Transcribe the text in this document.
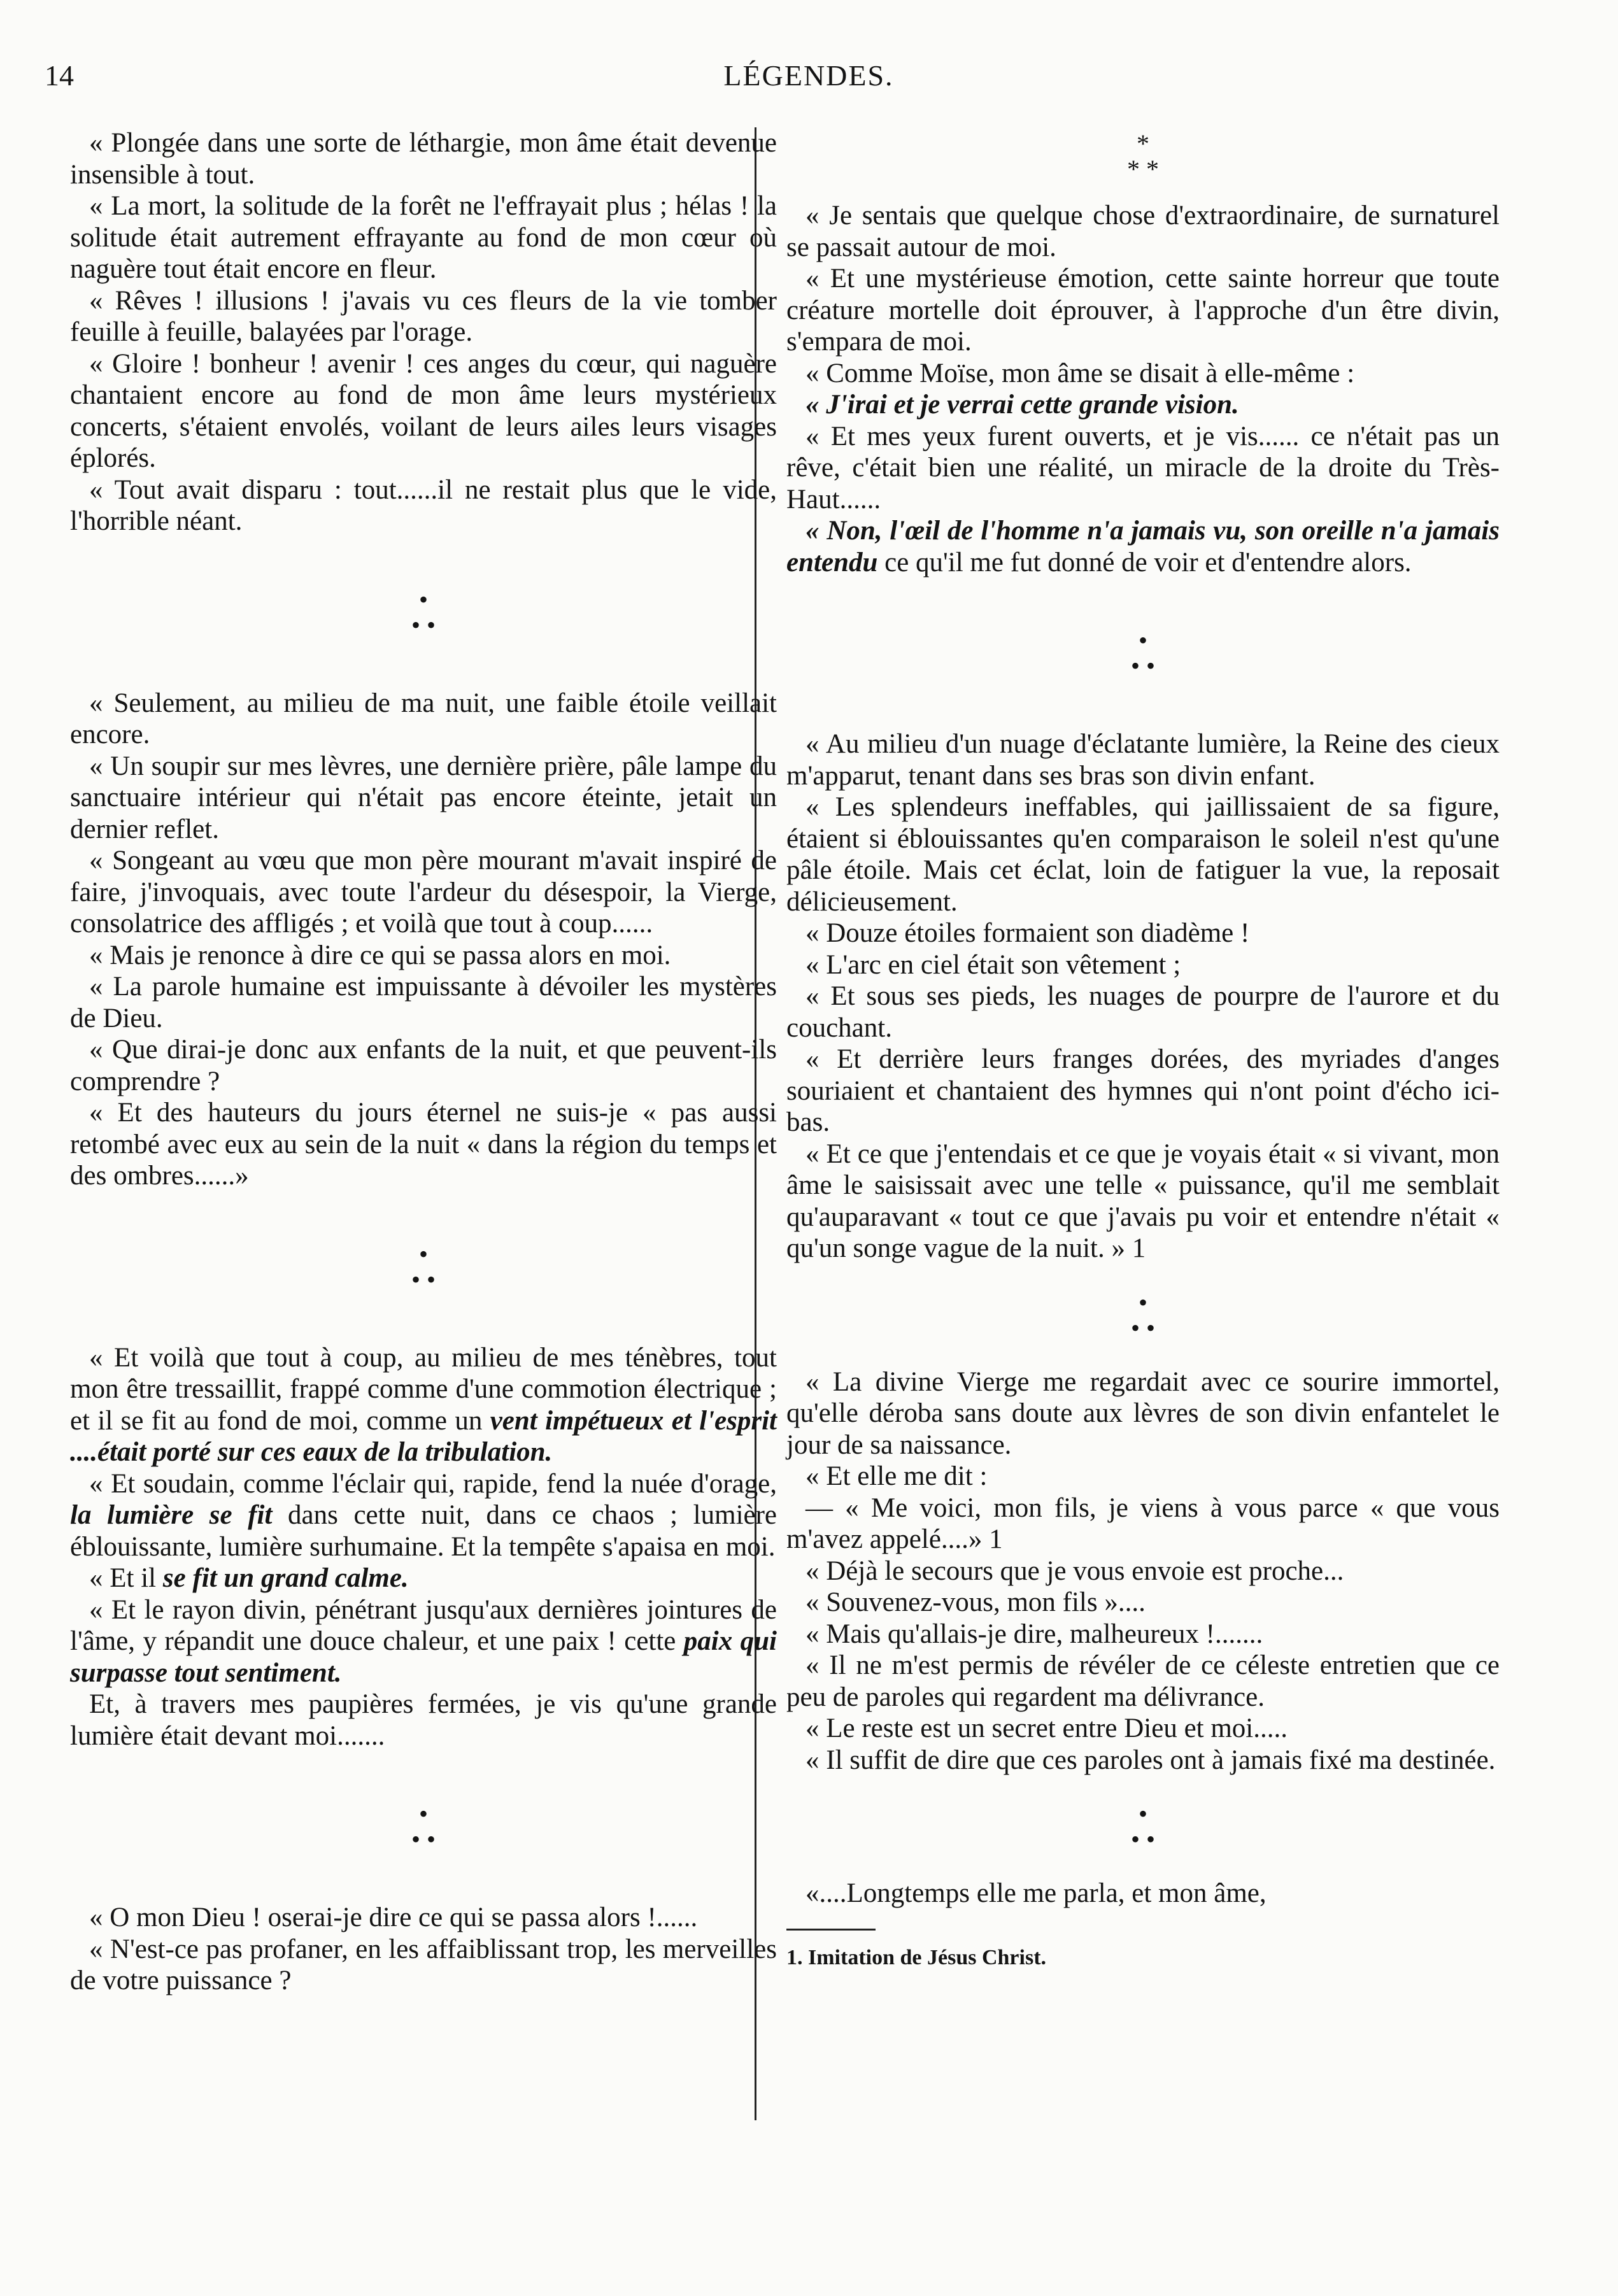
14	LÉGENDES.

« Plongée dans une sorte de léthargie, mon âme était devenue insensible à tout.

« La mort, la solitude de la forêt ne l'effrayait plus ; hélas ! la solitude était autrement effrayante au fond de mon cœur où naguère tout était encore en fleur.

« Rêves ! illusions ! j'avais vu ces fleurs de la vie tomber feuille à feuille, balayées par l'orage.

« Gloire ! bonheur ! avenir ! ces anges du cœur, qui naguère chantaient encore au fond de mon âme leurs mystérieux concerts, s'étaient envolés, voilant de leurs ailes leurs visages éplorés.

« Tout avait disparu : tout......il ne restait plus que le vide, l'horrible néant.

•
• •

« Seulement, au milieu de ma nuit, une faible étoile veillait encore.

« Un soupir sur mes lèvres, une dernière prière, pâle lampe du sanctuaire intérieur qui n'était pas encore éteinte, jetait un dernier reflet.

« Songeant au vœu que mon père mourant m'avait inspiré de faire, j'invoquais, avec toute l'ardeur du désespoir, la Vierge, consolatrice des affligés ; et voilà que tout à coup......

« Mais je renonce à dire ce qui se passa alors en moi.

« La parole humaine est impuissante à dévoiler les mystères de Dieu.

« Que dirai-je donc aux enfants de la nuit, et que peuvent-ils comprendre ?

« Et des hauteurs du jours éternel ne suis-je « pas aussi retombé avec eux au sein de la nuit « dans la région du temps et des ombres......»

•
• •

« Et voilà que tout à coup, au milieu de mes ténèbres, tout mon être tressaillit, frappé comme d'une commotion électrique ; et il se fit au fond de moi, comme un vent impétueux et l'esprit ....était porté sur ces eaux de la tribulation.

« Et soudain, comme l'éclair qui, rapide, fend la nuée d'orage, la lumière se fit dans cette nuit, dans ce chaos ; lumière éblouissante, lumière surhumaine. Et la tempête s'apaisa en moi.

« Et il se fit un grand calme.

« Et le rayon divin, pénétrant jusqu'aux dernières jointures de l'âme, y répandit une douce chaleur, et une paix ! cette paix qui surpasse tout sentiment.

Et, à travers mes paupières fermées, je vis qu'une grande lumière était devant moi.......

•
• •

« O mon Dieu ! oserai-je dire ce qui se passa alors !......

« N'est-ce pas profaner, en les affaiblissant trop, les merveilles de votre puissance ?

*
* *

« Je sentais que quelque chose d'extraordinaire, de surnaturel se passait autour de moi.

« Et une mystérieuse émotion, cette sainte horreur que toute créature mortelle doit éprouver, à l'approche d'un être divin, s'empara de moi.

« Comme Moïse, mon âme se disait à elle-même :

« J'irai et je verrai cette grande vision.

« Et mes yeux furent ouverts, et je vis...... ce n'était pas un rêve, c'était bien une réalité, un miracle de la droite du Très-Haut......

« Non, l'œil de l'homme n'a jamais vu, son oreille n'a jamais entendu ce qu'il me fut donné de voir et d'entendre alors.

•
• •

« Au milieu d'un nuage d'éclatante lumière, la Reine des cieux m'apparut, tenant dans ses bras son divin enfant.

« Les splendeurs ineffables, qui jaillissaient de sa figure, étaient si éblouissantes qu'en comparaison le soleil n'est qu'une pâle étoile. Mais cet éclat, loin de fatiguer la vue, la reposait délicieusement.

« Douze étoiles formaient son diadème !

« L'arc en ciel était son vêtement ;

« Et sous ses pieds, les nuages de pourpre de l'aurore et du couchant.

« Et derrière leurs franges dorées, des myriades d'anges souriaient et chantaient des hymnes qui n'ont point d'écho ici-bas.

« Et ce que j'entendais et ce que je voyais était « si vivant, mon âme le saisissait avec une telle « puissance, qu'il me semblait qu'auparavant « tout ce que j'avais pu voir et entendre n'était « qu'un songe vague de la nuit. » 1

•
• •

« La divine Vierge me regardait avec ce sourire immortel, qu'elle déroba sans doute aux lèvres de son divin enfantelet le jour de sa naissance.

« Et elle me dit :

— « Me voici, mon fils, je viens à vous parce « que vous m'avez appelé....» 1

« Déjà le secours que je vous envoie est proche...

« Souvenez-vous, mon fils »....

« Mais qu'allais-je dire, malheureux !.......

« Il ne m'est permis de révéler de ce céleste entretien que ce peu de paroles qui regardent ma délivrance.

« Le reste est un secret entre Dieu et moi.....

« Il suffit de dire que ces paroles ont à jamais fixé ma destinée.

•
• •

«....Longtemps elle me parla, et mon âme,

1. Imitation de Jésus Christ.
